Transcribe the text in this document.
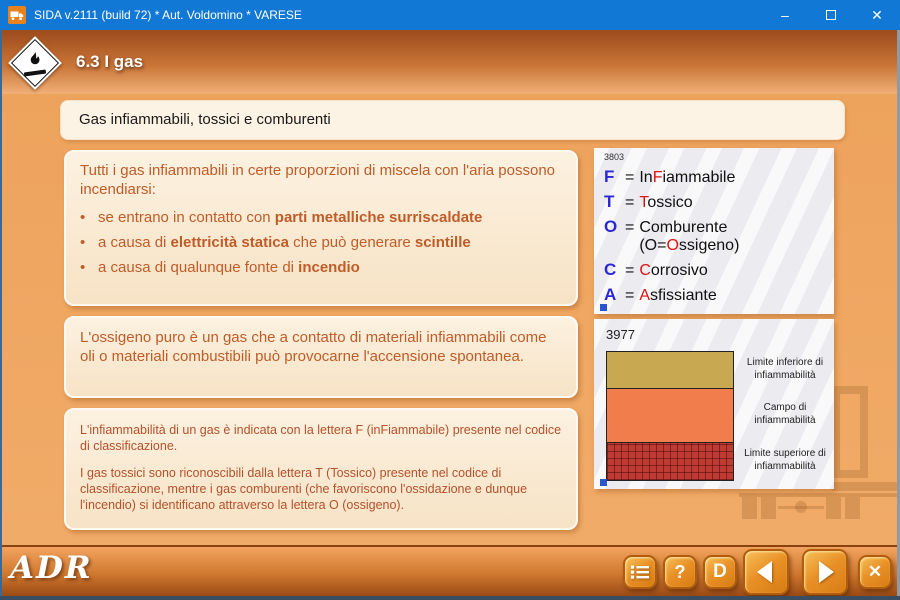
SIDA v.2111 (build 72) * Aut. Voldomino * VARESE	–	✕
6.3 I gas
Gas infiammabili, tossici e comburenti
Tutti i gas infiammabili in certe proporzioni di miscela con l'aria possono incendiarsi:
• se entrano in contatto con parti metalliche surriscaldate
• a causa di elettricità statica che può generare scintille
• a causa di qualunque fonte di incendio
L'ossigeno puro è un gas che a contatto di materiali infiammabili come oli o materiali combustibili può provocarne l'accensione spontanea.
L'infiammabilità di un gas è indicata con la lettera F (inFiammabile) presente nel codice di classificazione.
I gas tossici sono riconoscibili dalla lettera T (Tossico) presente nel codice di classificazione, mentre i gas comburenti (che favoriscono l'ossidazione e dunque l'incendio) si identificano attraverso la lettera O (ossigeno).
3803
F = InFiammabile
T = Tossico
O = Comburente (O=Ossigeno)
C = Corrosivo
A = Asfissiante
3977
Limite inferiore di infiammabilità
Campo di infiammabilità
Limite superiore di infiammabilità
ADR	?	D	✕
